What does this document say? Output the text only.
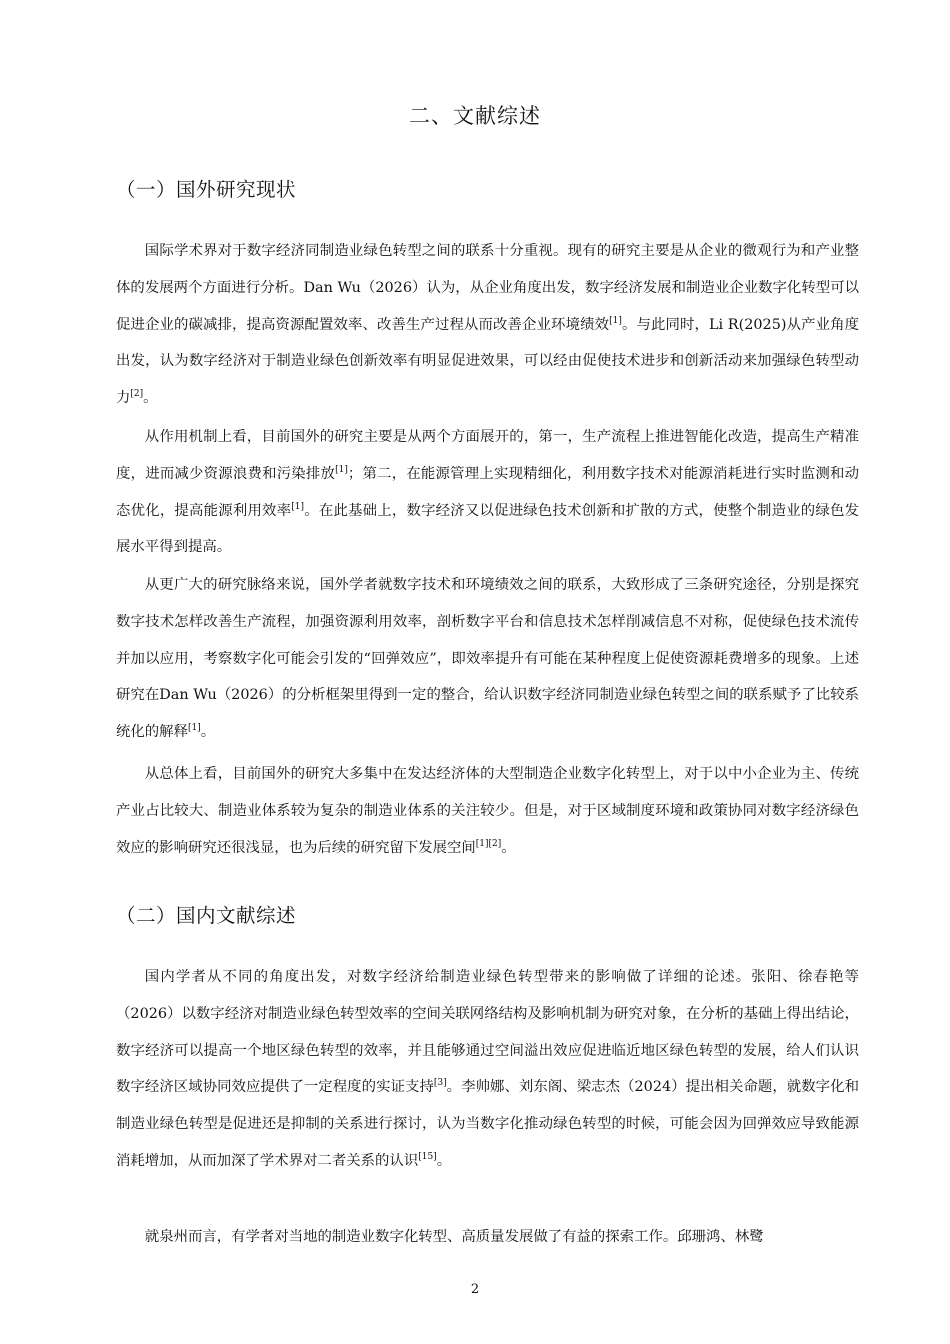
二、文献综述
（一）国外研究现状

国际学术界对于数字经济同制造业绿色转型之间的联系十分重视。现有的研究主要是从企业的微观行为和产业整体的发展两个方面进行分析。Dan Wu（2026）认为，从企业角度出发，数字经济发展和制造业企业数字化转型可以促进企业的碳减排，提高资源配置效率、改善生产过程从而改善企业环境绩效[1]。与此同时，Li R(2025)从产业角度出发，认为数字经济对于制造业绿色创新效率有明显促进效果，可以经由促使技术进步和创新活动来加强绿色转型动力[2]。

从作用机制上看，目前国外的研究主要是从两个方面展开的，第一，生产流程上推进智能化改造，提高生产精准度，进而减少资源浪费和污染排放[1]；第二，在能源管理上实现精细化，利用数字技术对能源消耗进行实时监测和动态优化，提高能源利用效率[1]。在此基础上，数字经济又以促进绿色技术创新和扩散的方式，使整个制造业的绿色发展水平得到提高。

从更广大的研究脉络来说，国外学者就数字技术和环境绩效之间的联系，大致形成了三条研究途径，分别是探究数字技术怎样改善生产流程，加强资源利用效率，剖析数字平台和信息技术怎样削减信息不对称，促使绿色技术流传并加以应用，考察数字化可能会引发的“回弹效应”，即效率提升有可能在某种程度上促使资源耗费增多的现象。上述研究在Dan Wu（2026）的分析框架里得到一定的整合，给认识数字经济同制造业绿色转型之间的联系赋予了比较系统化的解释[1]。

从总体上看，目前国外的研究大多集中在发达经济体的大型制造企业数字化转型上，对于以中小企业为主、传统产业占比较大、制造业体系较为复杂的制造业体系的关注较少。但是，对于区域制度环境和政策协同对数字经济绿色效应的影响研究还很浅显，也为后续的研究留下发展空间[1][2]。

（二）国内文献综述

国内学者从不同的角度出发，对数字经济给制造业绿色转型带来的影响做了详细的论述。张阳、徐春艳等（2026）以数字经济对制造业绿色转型效率的空间关联网络结构及影响机制为研究对象，在分析的基础上得出结论，数字经济可以提高一个地区绿色转型的效率，并且能够通过空间溢出效应促进临近地区绿色转型的发展，给人们认识数字经济区域协同效应提供了一定程度的实证支持[3]。李帅娜、刘东阁、梁志杰（2024）提出相关命题，就数字化和制造业绿色转型是促进还是抑制的关系进行探讨，认为当数字化推动绿色转型的时候，可能会因为回弹效应导致能源消耗增加，从而加深了学术界对二者关系的认识[15]。

就泉州而言，有学者对当地的制造业数字化转型、高质量发展做了有益的探索工作。邱珊鸿、林鹭

2
